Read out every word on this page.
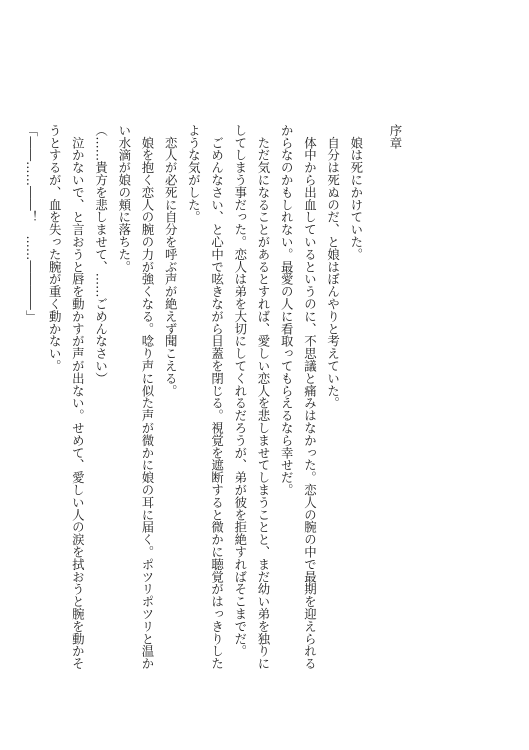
序章

　娘は死にかけていた。

　自分は死ぬのだ、と娘はぼんやりと考えていた。

　体中から出血しているというのに、不思議と痛みはなかった。恋人の腕の中で最期を迎えられる

からなのかもしれない。最愛の人に看取ってもらえるなら幸せだ。

　ただ気になることがあるとすれば、愛しい恋人を悲しませてしまうことと、まだ幼い弟を独りに

してしまう事だった。恋人は弟を大切にしてくれるだろうが、弟が彼を拒絶すればそこまでだ。

　ごめんなさい、と心中で呟きながら目蓋を閉じる。視覚を遮断すると微かに聴覚がはっきりした

ような気がした。

　恋人が必死に自分を呼ぶ声が絶えず聞こえる。

　娘を抱く恋人の腕の力が強くなる。唸り声に似た声が微かに娘の耳に届く。ポツリポツリと温か

い水滴が娘の頬に落ちた。

（……貴方を悲しませて、……ごめんなさい）

　泣かないで、と言おうと唇を動かすが声が出ない。せめて、愛しい人の涙を拭おうと腕を動かそ

うとするが、血を失った腕が重く動かない。

「――……――！　……――――」
